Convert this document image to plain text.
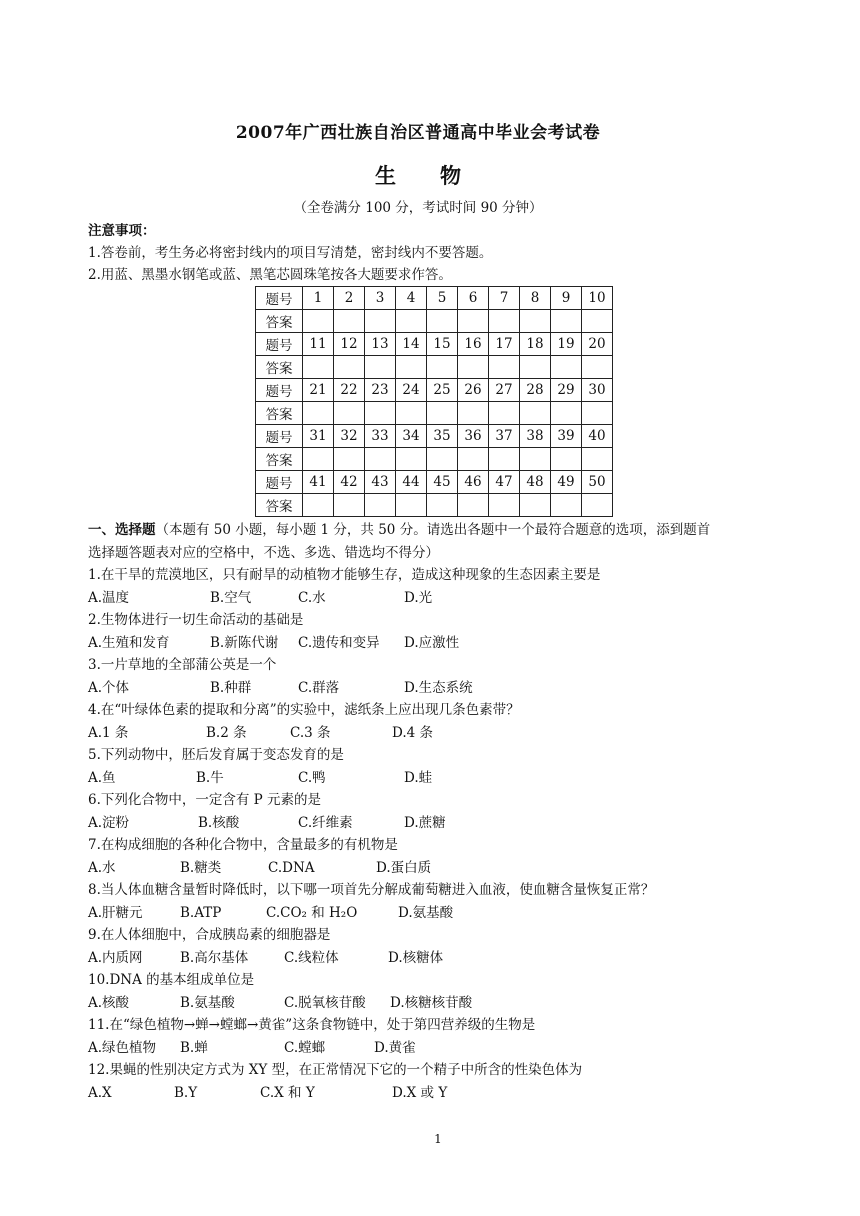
2007年广西壮族自治区普通高中毕业会考试卷
生 物
（全卷满分 100 分，考试时间 90 分钟）
注意事项：
1.答卷前，考生务必将密封线内的项目写清楚，密封线内不要答题。
2.用蓝、黑墨水钢笔或蓝、黑笔芯圆珠笔按各大题要求作答。
题号	1	2	3	4	5	6	7	8	9	10
答案										
题号	11	12	13	14	15	16	17	18	19	20
答案										
题号	21	22	23	24	25	26	27	28	29	30
答案										
题号	31	32	33	34	35	36	37	38	39	40
答案										
题号	41	42	43	44	45	46	47	48	49	50
答案										
一、选择题（本题有 50 小题，每小题 1 分，共 50 分。请选出各题中一个最符合题意的选项，添到题首
选择题答题表对应的空格中，不选、多选、错选均不得分）
1.在干旱的荒漠地区，只有耐旱的动植物才能够生存，造成这种现象的生态因素主要是
A.温度	B.空气	C.水	D.光
2.生物体进行一切生命活动的基础是
A.生殖和发育	B.新陈代谢 C.遗传和变异 D.应激性
3.一片草地的全部蒲公英是一个
A.个体	B.种群	C.群落	D.生态系统
4.在“叶绿体色素的提取和分离”的实验中，滤纸条上应出现几条色素带？
A.1 条	B.2 条	C.3 条	D.4 条
5.下列动物中，胚后发育属于变态发育的是
A.鱼	B.牛	C.鸭	D.蛙
6.下列化合物中，一定含有 P 元素的是
A.淀粉	B.核酸	C.纤维素	D.蔗糖
7.在构成细胞的各种化合物中，含量最多的有机物是
A.水	B.糖类	C.DNA	D.蛋白质
8.当人体血糖含量暂时降低时，以下哪一项首先分解成葡萄糖进入血液，使血糖含量恢复正常？
A.肝糖元	B.ATP	C.CO₂ 和 H₂O	D.氨基酸
9.在人体细胞中，合成胰岛素的细胞器是
A.内质网	B.高尔基体	C.线粒体	D.核糖体
10.DNA 的基本组成单位是
A.核酸	B.氨基酸	C.脱氧核苷酸 D.核糖核苷酸
11.在“绿色植物→蝉→螳螂→黄雀”这条食物链中，处于第四营养级的生物是
A.绿色植物 B.蝉	C.螳螂	D.黄雀
12.果蝇的性别决定方式为 XY 型，在正常情况下它的一个精子中所含的性染色体为
A.X	B.Y	C.X 和 Y	D.X 或 Y
1
